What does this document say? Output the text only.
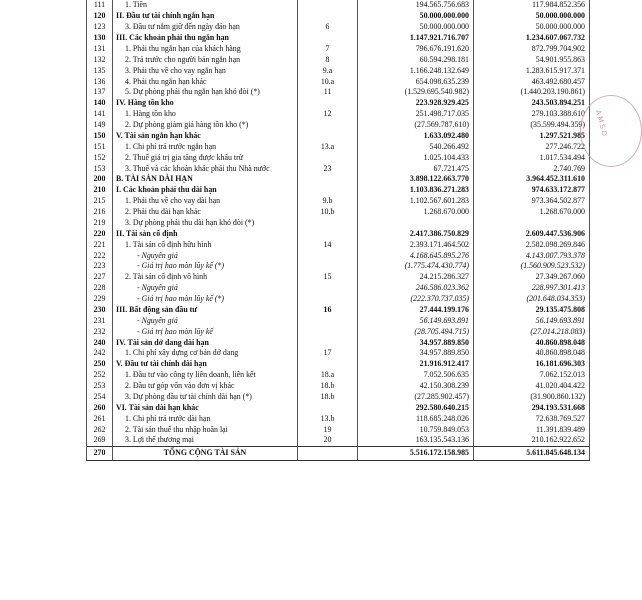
111	1. Tiền		194.565.756.683	117.984.852.356
120	II. Đầu tư tài chính ngắn hạn		50.000.000.000	50.000.000.000
123	3. Đầu tư nắm giữ đến ngày đáo hạn	6	50.000.000.000	50.000.000.000
130	III. Các khoản phải thu ngắn hạn		1.147.921.716.707	1.234.607.067.732
131	1. Phải thu ngắn hạn của khách hàng	7	796.676.191.620	872.799.704.902
132	2. Trả trước cho người bán ngắn hạn	8	60.594.298.181	54.901.955.863
135	3. Phải thu về cho vay ngắn hạn	9.a	1.166.248.132.649	1.283.615.917.371
136	4. Phải thu ngắn hạn khác	10.a	654.098.635.239	463.492.680.457
137	5. Dự phòng phải thu ngắn hạn khó đòi (*)	11	(1.529.695.540.982)	(1.440.203.190.861)
140	IV. Hàng tồn kho		223.928.929.425	243.503.894.251
141	1. Hàng tồn kho	12	251.498.717.035	279.103.388.610
149	2. Dự phòng giảm giá hàng tồn kho (*)		(27.569.787.610)	(35.599.494.359)
150	V. Tài sản ngắn hạn khác		1.633.092.480	1.297.521.985
151	1. Chi phí trả trước ngắn hạn	13.a	540.266.492	277.246.722
152	2. Thuế giá trị gia tăng được khấu trừ		1.025.104.433	1.017.534.494
153	3. Thuế và các khoản khác phải thu Nhà nước	23	67.721.475	2.740.769
200	B. TÀI SẢN DÀI HẠN		3.898.122.663.770	3.964.452.311.610
210	I. Các khoản phải thu dài hạn		1.103.836.271.283	974.633.172.877
215	1. Phải thu về cho vay dài hạn	9.b	1.102.567.601.283	973.364.502.877
216	2. Phải thu dài hạn khác	10.b	1.268.670.000	1.268.670.000
219	3. Dự phòng phải thu dài hạn khó đòi (*)			
220	II. Tài sản cố định		2.417.386.750.829	2.609.447.536.906
221	1. Tài sản cố định hữu hình	14	2.393.171.464.502	2.582.098.269.846
222	- Nguyên giá		4.168.645.895.276	4.143.007.793.378
223	- Giá trị hao mòn lũy kế (*)		(1.775.474.430.774)	(1.560.909.523.532)
227	2. Tài sản cố định vô hình	15	24.215.286.327	27.349.267.060
228	- Nguyên giá		246.586.023.362	228.997.301.413
229	- Giá trị hao mòn lũy kế (*)		(222.370.737.035)	(201.648.034.353)
230	III. Bất động sản đầu tư	16	27.444.199.176	29.135.475.808
231	- Nguyên giá		56.149.693.891	56.149.693.891
232	- Giá trị hao mòn lũy kế		(28.705.494.715)	(27.014.218.083)
240	IV. Tài sản dở dang dài hạn		34.957.889.850	40.860.898.048
242	1. Chi phí xây dựng cơ bản dở dang	17	34.957.889.850	40.860.898.048
250	V. Đầu tư tài chính dài hạn		21.916.912.417	16.181.696.303
252	1. Đầu tư vào công ty liên doanh, liên kết	18.a	7.052.506.635	7.062.152.013
253	2. Đầu tư góp vốn vào đơn vị khác	18.b	42.150.308.239	41.020.404.422
254	3. Dự phòng đầu tư tài chính dài hạn (*)	18.b	(27.285.902.457)	(31.900.860.132)
260	VI. Tài sản dài hạn khác		292.580.640.215	294.193.531.668
261	1. Chi phí trả trước dài hạn	13.b	118.685.248.026	72.638.769.527
262	2. Tài sản thuế thu nhập hoãn lại	19	10.759.849.053	11.391.839.489
269	3. Lợi thế thương mại	20	163.135.543.136	210.162.922.652
270	TỔNG CỘNG TÀI SẢN		5.516.172.158.985	5.611.845.648.134
AMSO
